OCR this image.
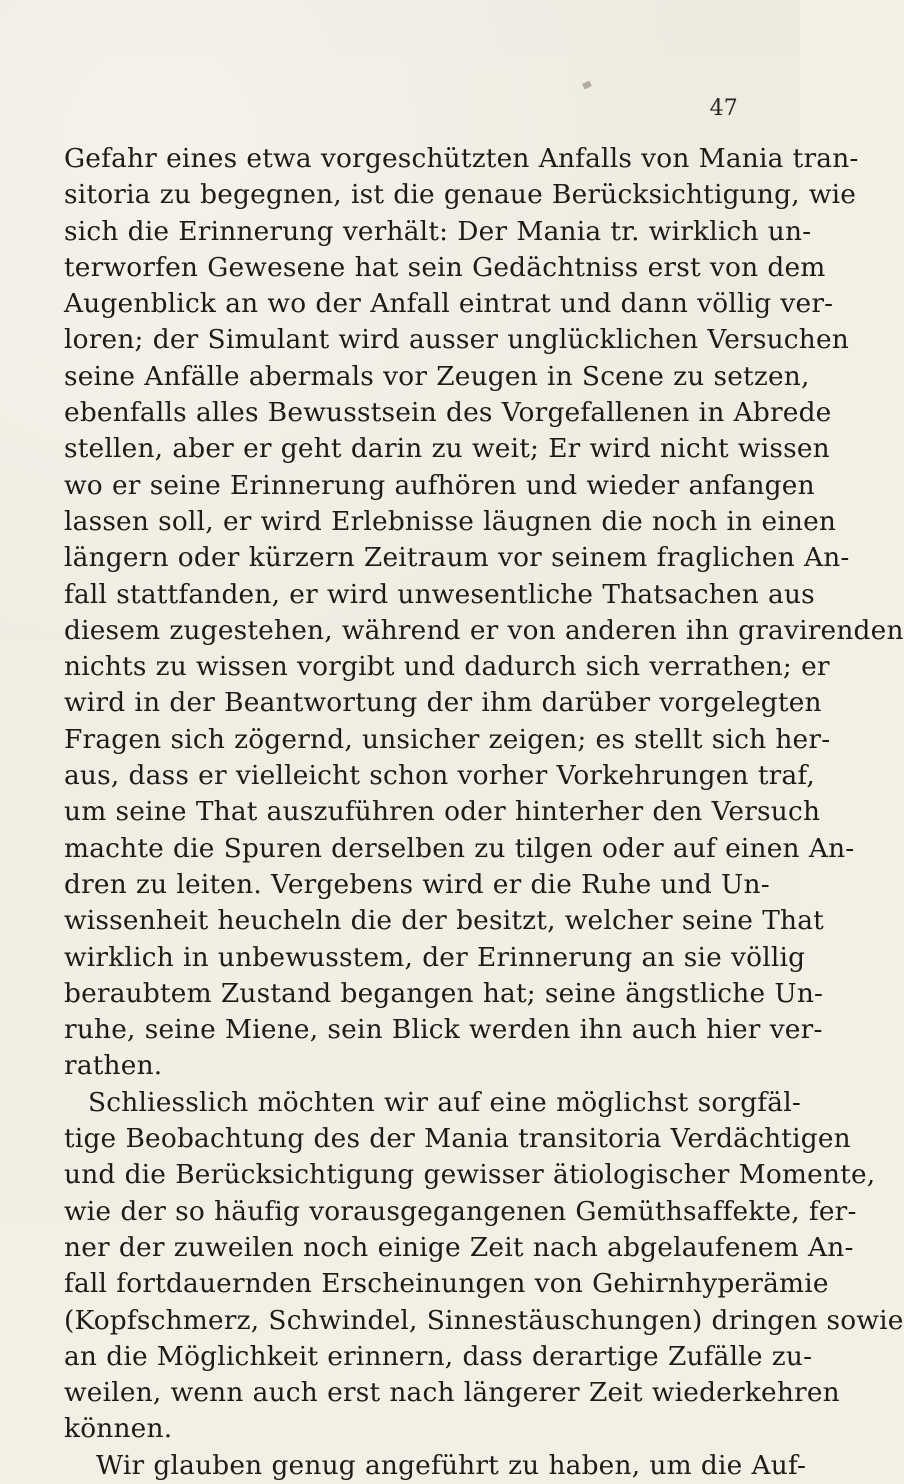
47
Gefahr eines etwa vorgeschützten Anfalls von Mania tran-
sitoria zu begegnen, ist die genaue Berücksichtigung, wie
sich die Erinnerung verhält: Der Mania tr. wirklich un-
terworfen Gewesene hat sein Gedächtniss erst von dem
Augenblick an wo der Anfall eintrat und dann völlig ver-
loren; der Simulant wird ausser unglücklichen Versuchen
seine Anfälle abermals vor Zeugen in Scene zu setzen,
ebenfalls alles Bewusstsein des Vorgefallenen in Abrede
stellen, aber er geht darin zu weit; Er wird nicht wissen
wo er seine Erinnerung aufhören und wieder anfangen
lassen soll, er wird Erlebnisse läugnen die noch in einen
längern oder kürzern Zeitraum vor seinem fraglichen An-
fall stattfanden, er wird unwesentliche Thatsachen aus
diesem zugestehen, während er von anderen ihn gravirenden
nichts zu wissen vorgibt und dadurch sich verrathen; er
wird in der Beantwortung der ihm darüber vorgelegten
Fragen sich zögernd, unsicher zeigen; es stellt sich her-
aus, dass er vielleicht schon vorher Vorkehrungen traf,
um seine That auszuführen oder hinterher den Versuch
machte die Spuren derselben zu tilgen oder auf einen An-
dren zu leiten. Vergebens wird er die Ruhe und Un-
wissenheit heucheln die der besitzt, welcher seine That
wirklich in unbewusstem, der Erinnerung an sie völlig
beraubtem Zustand begangen hat; seine ängstliche Un-
ruhe, seine Miene, sein Blick werden ihn auch hier ver-
rathen.
Schliesslich möchten wir auf eine möglichst sorgfäl-
tige Beobachtung des der Mania transitoria Verdächtigen
und die Berücksichtigung gewisser ätiologischer Momente,
wie der so häufig vorausgegangenen Gemüthsaffekte, fer-
ner der zuweilen noch einige Zeit nach abgelaufenem An-
fall fortdauernden Erscheinungen von Gehirnhyperämie
(Kopfschmerz, Schwindel, Sinnestäuschungen) dringen sowie
an die Möglichkeit erinnern, dass derartige Zufälle zu-
weilen, wenn auch erst nach längerer Zeit wiederkehren
können.
Wir glauben genug angeführt zu haben, um die Auf-
